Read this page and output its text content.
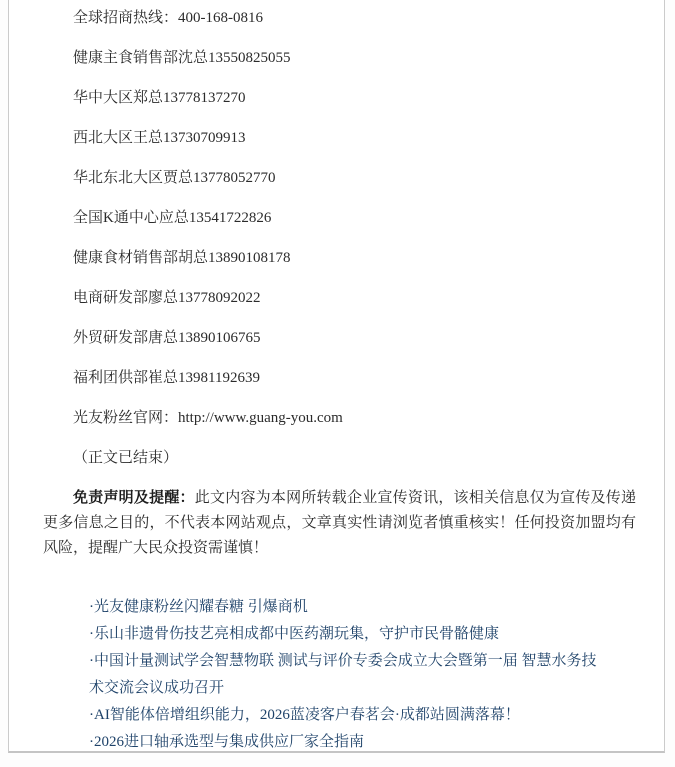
全球招商热线：400-168-0816

健康主食销售部沈总13550825055

华中大区郑总13778137270

西北大区王总13730709913

华北东北大区贾总13778052770

全国K通中心应总13541722826

健康食材销售部胡总13890108178

电商研发部廖总13778092022

外贸研发部唐总13890106765

福利团供部崔总13981192639

光友粉丝官网：http://www.guang-you.com

（正文已结束）

免责声明及提醒：此文内容为本网所转载企业宣传资讯，该相关信息仅为宣传及传递更多信息之目的，不代表本网站观点，文章真实性请浏览者慎重核实！任何投资加盟均有风险，提醒广大民众投资需谨慎！

·光友健康粉丝闪耀春糖 引爆商机
·乐山非遗骨伤技艺亮相成都中医药潮玩集，守护市民骨骼健康
·中国计量测试学会智慧物联 测试与评价专委会成立大会暨第一届 智慧水务技术交流会议成功召开
·AI智能体倍增组织能力，2026蓝凌客户春茗会·成都站圆满落幕！
·2026进口轴承选型与集成供应厂家全指南
